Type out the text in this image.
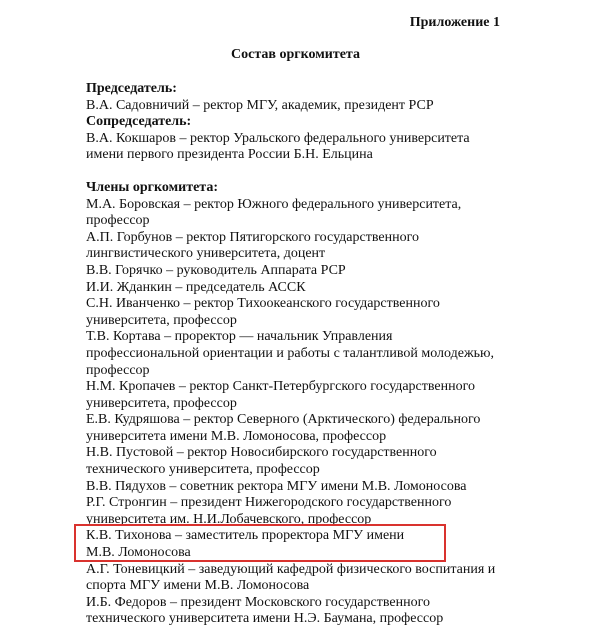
Приложение 1
Состав оргкомитета
Председатель:
В.А. Садовничий – ректор МГУ, академик, президент РСР
Сопредседатель:
В.А. Кокшаров – ректор Уральского федерального университета
имени первого президента России Б.Н. Ельцина
Члены оргкомитета:
М.А. Боровская – ректор Южного федерального университета,
профессор
А.П. Горбунов – ректор Пятигорского государственного
лингвистического университета, доцент
В.В. Горячко – руководитель Аппарата РСР
И.И. Жданкин – председатель АССК
С.Н. Иванченко – ректор Тихоокеанского государственного
университета, профессор
Т.В. Кортава – проректор — начальник Управления
профессиональной ориентации и работы с талантливой молодежью,
профессор
Н.М. Кропачев – ректор Санкт-Петербургского государственного
университета, профессор
Е.В. Кудряшова – ректор Северного (Арктического) федерального
университета имени М.В. Ломоносова, профессор
Н.В. Пустовой – ректор Новосибирского государственного
технического университета, профессор
В.В. Пядухов – советник ректора МГУ имени М.В. Ломоносова
Р.Г. Стронгин – президент Нижегородского государственного
университета им. Н.И.Лобачевского, профессор
К.В. Тихонова – заместитель проректора МГУ имени
М.В. Ломоносова
А.Г. Тоневицкий – заведующий кафедрой физического воспитания и
спорта МГУ имени М.В. Ломоносова
И.Б. Федоров – президент Московского государственного
технического университета имени Н.Э. Баумана, профессор
